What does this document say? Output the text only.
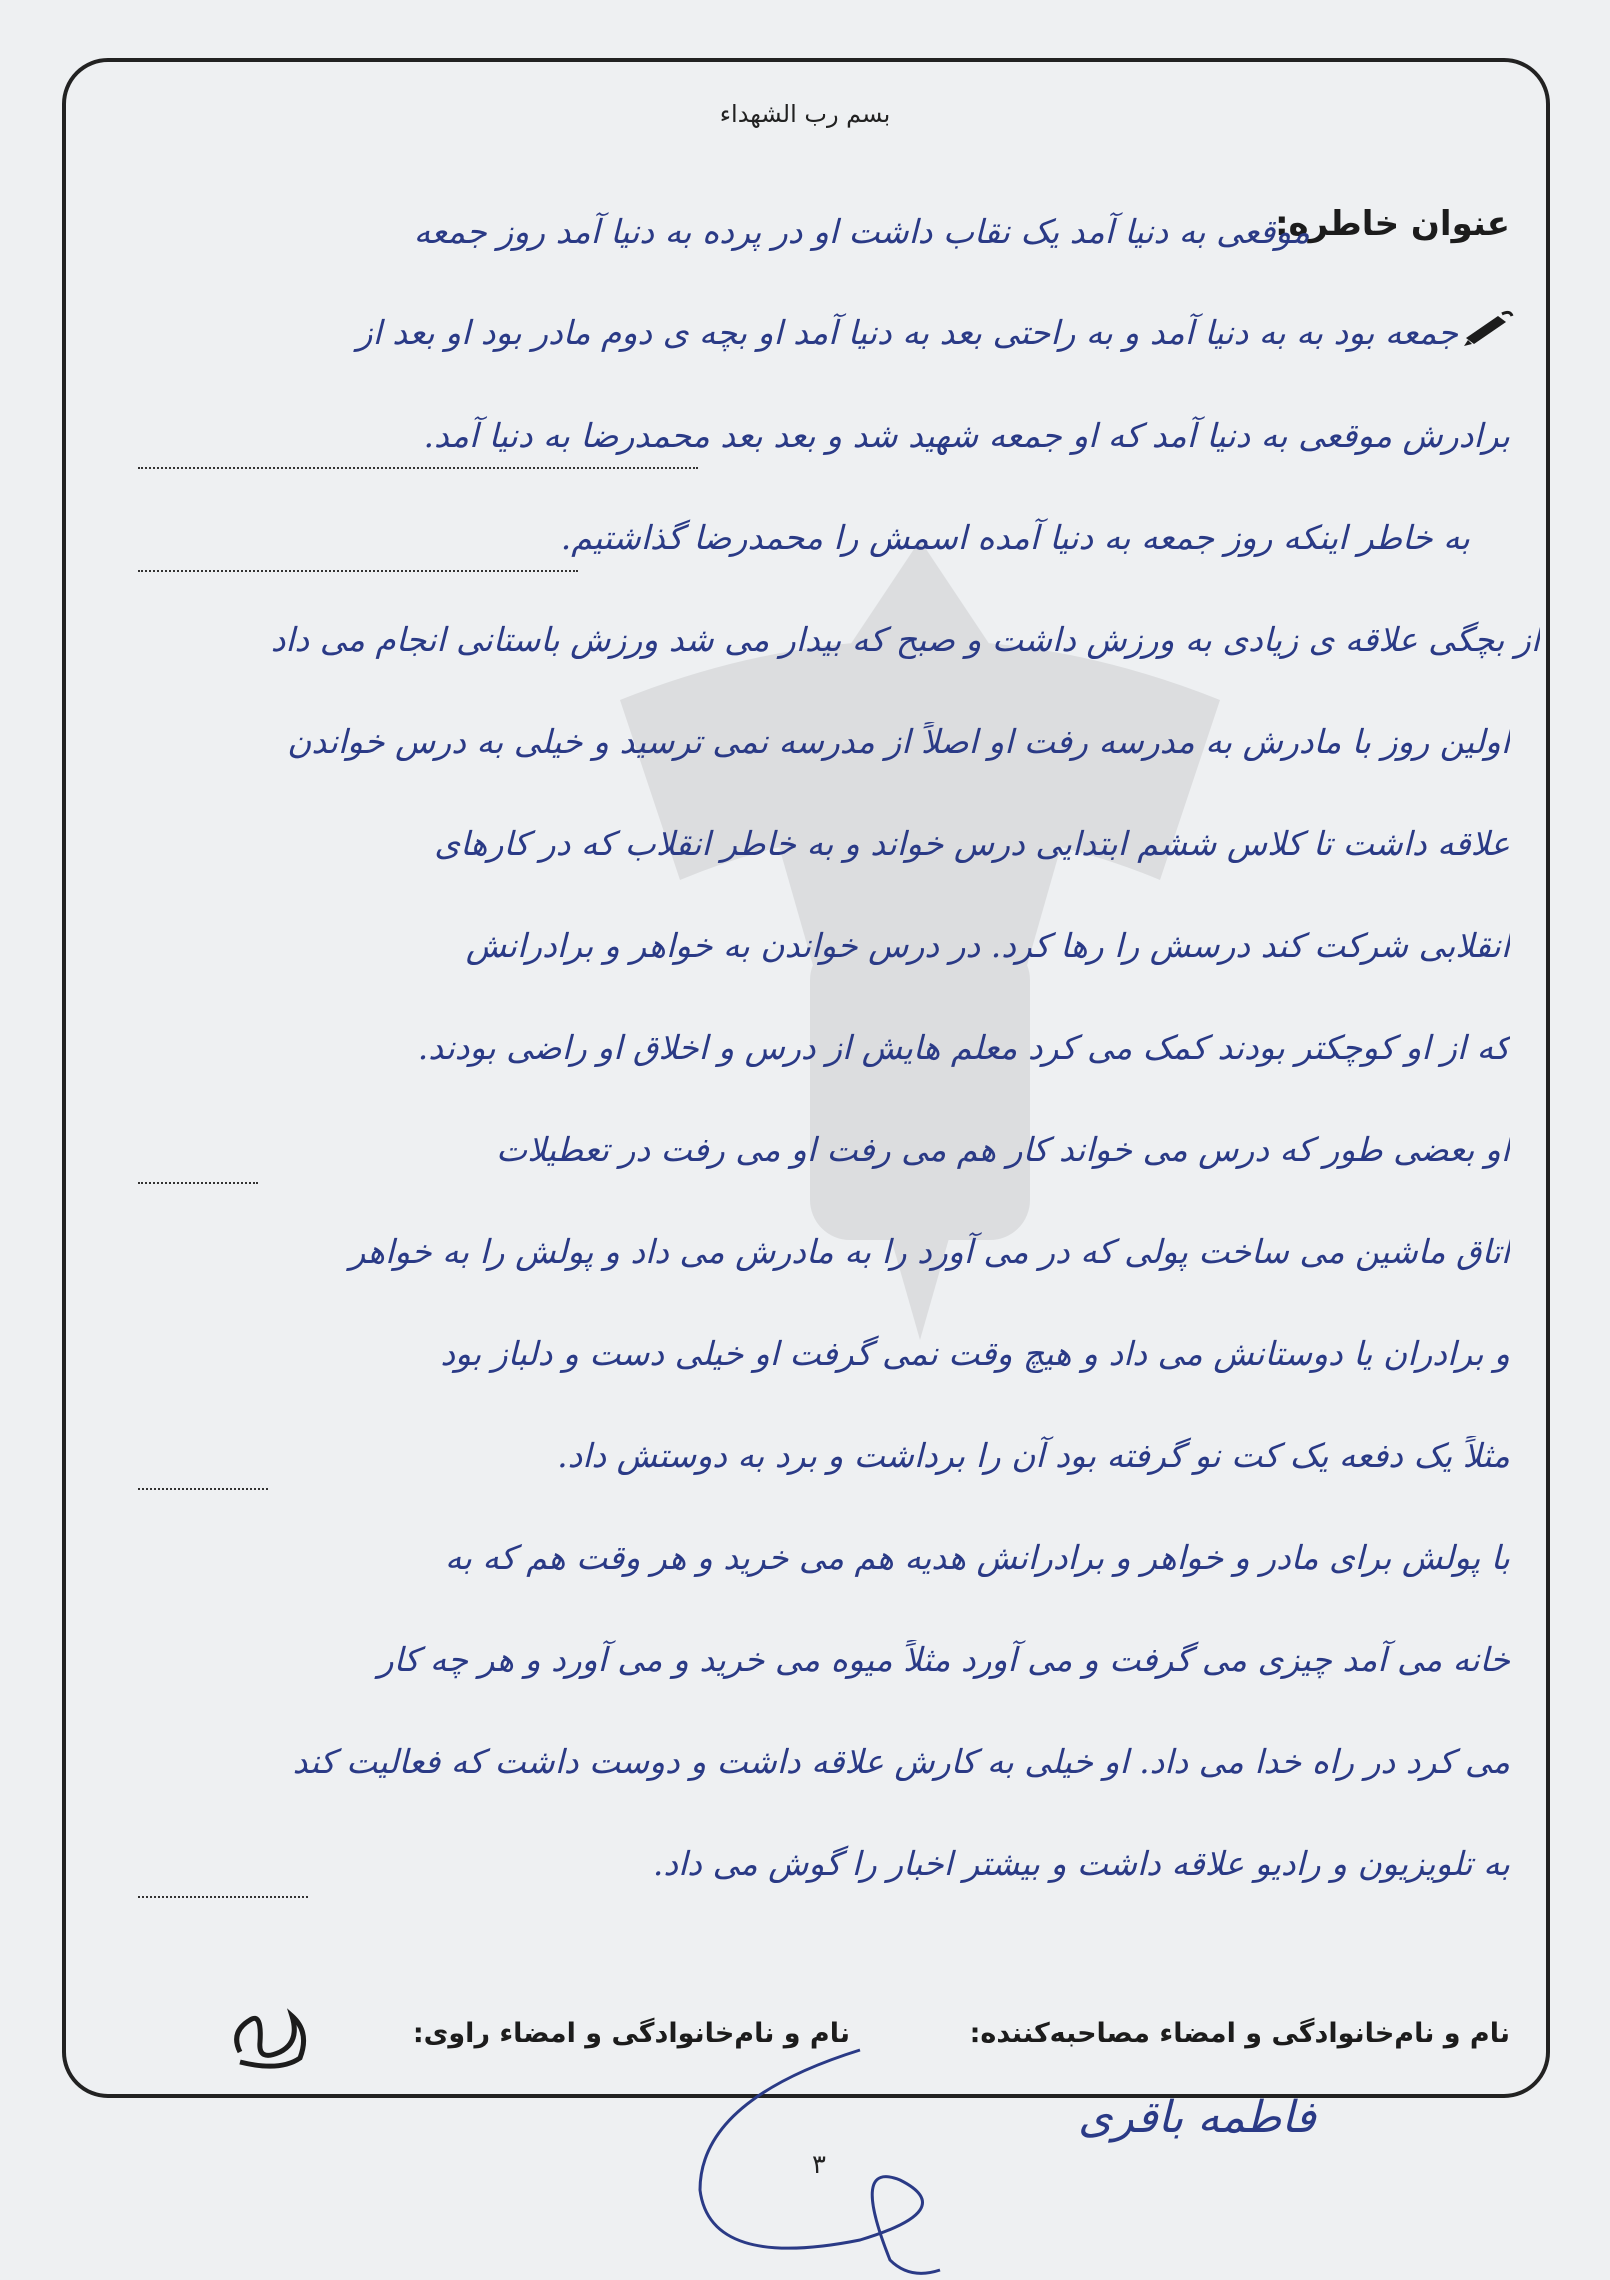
بسم رب الشهداء
عنوان خاطره:
موقعی به دنیا آمد یک نقاب داشت او در پرده به دنیا آمد روز جمعه
جمعه بود به به دنیا آمد و به راحتی بعد به دنیا آمد او بچه ی دوم مادر بود او بعد از
برادرش موقعی به دنیا آمد که او جمعه شهید شد و بعد بعد محمدرضا به دنیا آمد.
به خاطر اینکه روز جمعه به دنیا آمده اسمش را محمدرضا گذاشتیم.
از بچگی علاقه ی زیادی به ورزش داشت و صبح که بیدار می شد ورزش باستانی انجام می داد
اولین روز با مادرش به مدرسه رفت او اصلاً از مدرسه نمی ترسید و خیلی به درس خواندن
علاقه داشت تا کلاس ششم ابتدایی درس خواند و به خاطر انقلاب که در کارهای
انقلابی شرکت کند درسش را رها کرد. در درس خواندن به خواهر و برادرانش
که از او کوچکتر بودند کمک می کرد معلم هایش از درس و اخلاق او راضی بودند.
او بعضی طور که درس می خواند کار هم می رفت او می رفت در تعطیلات
اتاق ماشین می ساخت پولی که در می آورد را به مادرش می داد و پولش را به خواهر
و برادران یا دوستانش می داد و هیچ وقت نمی گرفت او خیلی دست و دلباز بود
مثلاً یک دفعه یک کت نو گرفته بود آن را برداشت و برد به دوستش داد.
با پولش برای مادر و خواهر و برادرانش هدیه هم می خرید و هر وقت هم که به
خانه می آمد چیزی می گرفت و می آورد مثلاً میوه می خرید و می آورد و هر چه کار
می کرد در راه خدا می داد. او خیلی به کارش علاقه داشت و دوست داشت که فعالیت کند
به تلویزیون و رادیو علاقه داشت و بیشتر اخبار را گوش می داد.
نام و نام‌خانوادگی و امضاء مصاحبه‌کننده:
نام و نام‌خانوادگی و امضاء راوی:
فاطمه باقری
۳
